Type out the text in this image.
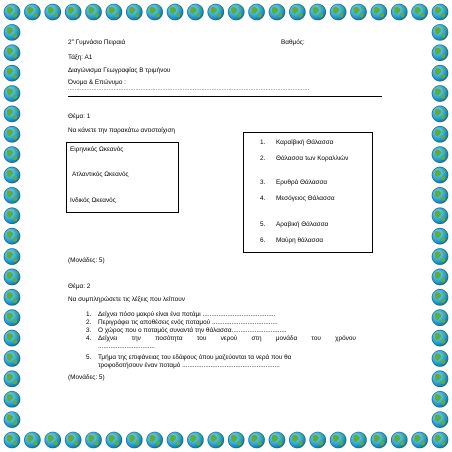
$2^o$ Γυμνάσιο Πειραιά	Βαθμός:
Τάξη: Α1
Διαγώνισμα Γεωγραφίας Β τριμήνου
Όνομα & Επώνυμο :
...............................................................................................................................................
Θέμα: 1
Να κάνετε την παρακάτω αντιστοίχιση
Ειρηνικός Ωκεανός
Ατλαντικός Ωκεανός
Ινδικός Ωκεανός
1. Καραϊβική Θάλασσα
2. Θάλασσα των Κοραλλιών
3. Ερυθρά Θάλασσα
4. Μεσόγειος Θάλασσα
5. Αραβική Θάλασσα
6. Μαύρη θάλασσα
(Μονάδες: 5)
Θέμα: 2
Να συμπληρώσετε τις λέξεις που λείπουν
1. Δείχνει πόσο μακρύ είναι ένα ποτάμι .........................................
2. Περιγράφει τις αποθέσεις ενός ποταμού .....................................
3. Ο χώρος που ο ποταμός συναντά την θάλασσα...............................
4. Δείχνει την ποσότητα του νερού στη μονάδα του χρόνου
................................
5. Τμήμα της επιφάνειας του εδάφους όπου μαζεύονται τα νερά που θα
τροφοδοτήσουν έναν ποταμό .......................................................
(Μονάδες: 5)
